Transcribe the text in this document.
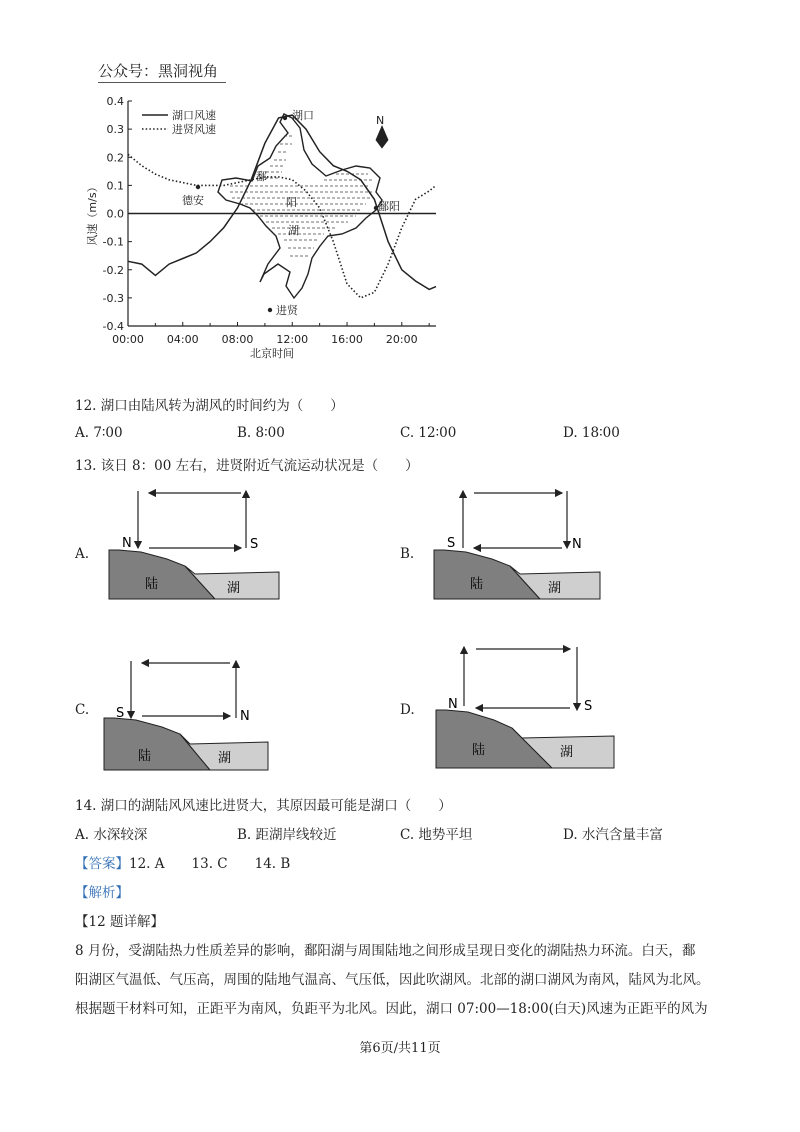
公众号：黑洞视角
0.4
0.3
0.2
0.1
0.0
-0.1
-0.2
-0.3
-0.4
00:00 04:00 08:00 12:00 16:00 20:00
北京时间
风速（m/s）
湖口风速
进贤风速
湖口
鄱
阳
湖
德安	鄱阳
进贤
N
12. 湖口由陆风转为湖风的时间约为（　　）
A. 7∶00	B. 8∶00	C. 12∶00	D. 18∶00
13. 该日 8：00 左右，进贤附近气流运动状况是（　　）
A.	B.
C.	D.
N	S
陆	湖
S	N
陆	湖
S	N
陆	湖
N	S
陆	湖
14. 湖口的湖陆风风速比进贤大，其原因最可能是湖口（　　）
A. 水深较深	B. 距湖岸线较近	C. 地势平坦	D. 水汽含量丰富
【答案】12. A　　13. C　　14. B
【解析】
【12 题详解】
8 月份，受湖陆热力性质差异的影响，鄱阳湖与周围陆地之间形成呈现日变化的湖陆热力环流。白天，鄱
阳湖区气温低、气压高，周围的陆地气温高、气压低，因此吹湖风。北部的湖口湖风为南风，陆风为北风。
根据题干材料可知，正距平为南风，负距平为北风。因此，湖口 07:00—18:00(白天)风速为正距平的风为
第6页/共11页
